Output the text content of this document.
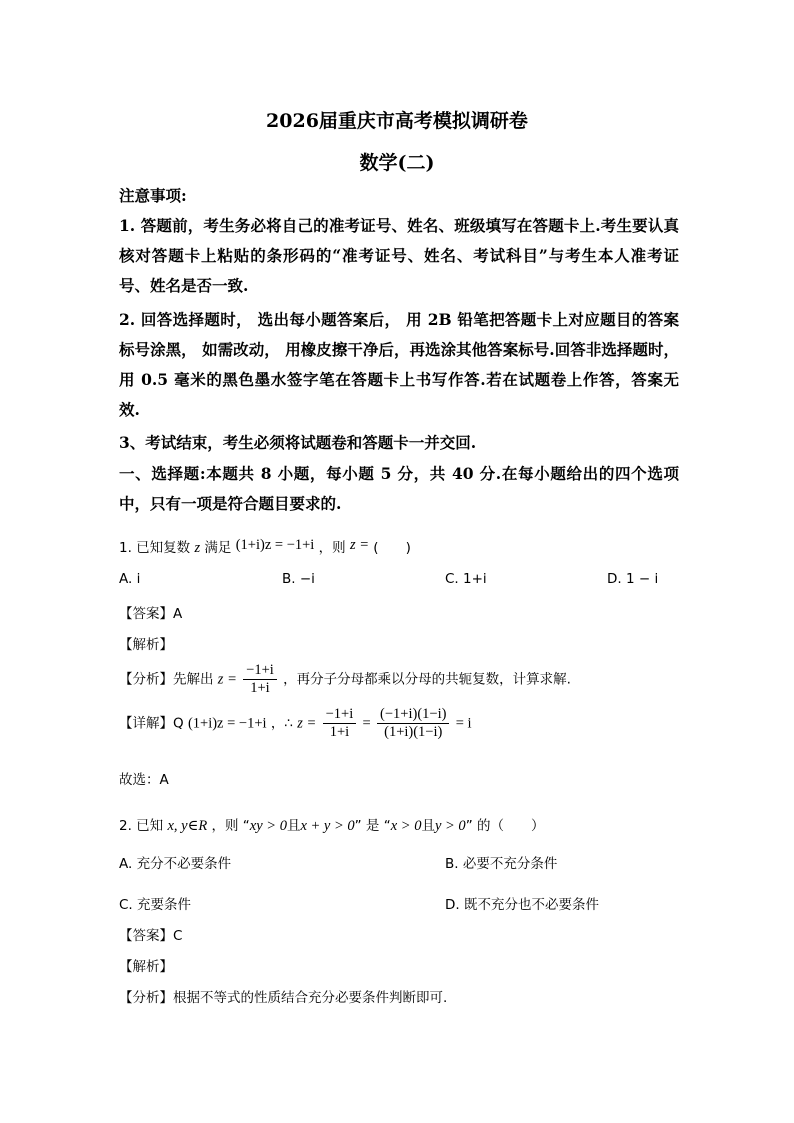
2026届重庆市高考模拟调研卷
数学(二)
注意事项:
1. 答题前，考生务必将自己的准考证号、姓名、班级填写在答题卡上.考生要认真核对答题卡上粘贴的条形码的“准考证号、姓名、考试科目”与考生本人准考证号、姓名是否一致.
2. 回答选择题时， 选出每小题答案后， 用 2B 铅笔把答题卡上对应题目的答案标号涂黑， 如需改动， 用橡皮擦干净后，再选涂其他答案标号.回答非选择题时，用 0.5 毫米的黑色墨水签字笔在答题卡上书写作答.若在试题卷上作答，答案无效.
3、考试结束，考生必须将试题卷和答题卡一并交回.
一、选择题:本题共 8 小题，每小题 5 分，共 40 分.在每小题给出的四个选项中，只有一项是符合题目要求的.
1. 已知复数 z 满足 (1+i)z = −1+i ，则 z = (　　)
A. i	B. −i	C. 1+i	D. 1 − i
【答案】A
【解析】
【分析】先解出 $z = \frac{-1+i}{1+i}$ ，再分子分母都乘以分母的共轭复数，计算求解.
【详解】Q (1+i)z = −1+i ，∴ $z = \frac{-1+i}{1+i} = \frac{(-1+i)(1-i)}{(1+i)(1-i)} = i$
故选：A
2. 已知 x, y∈R ，则 “xy > 0且x + y > 0” 是 “x > 0且y > 0” 的（　　）
A. 充分不必要条件	B. 必要不充分条件
C. 充要条件	D. 既不充分也不必要条件
【答案】C
【解析】
【分析】根据不等式的性质结合充分必要条件判断即可.
